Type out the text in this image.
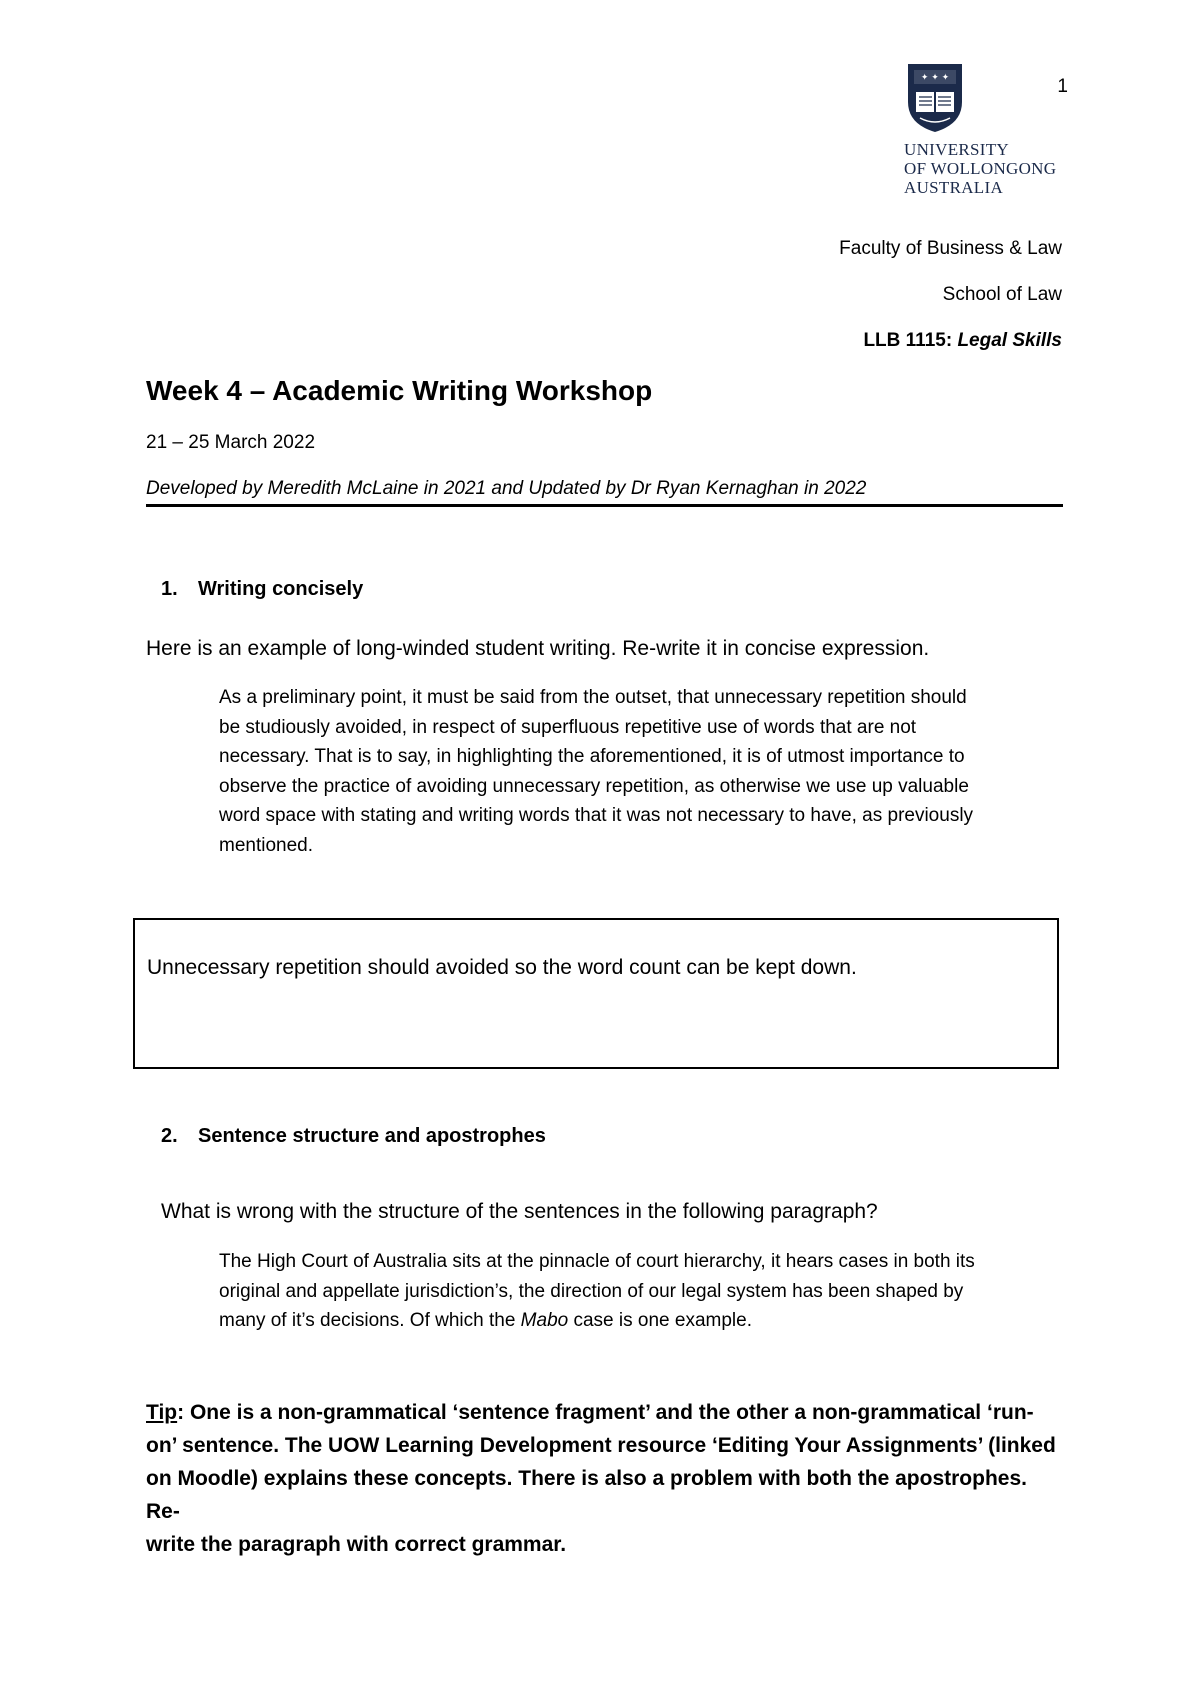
1
✦ ✦ ✦
UNIVERSITY
OF WOLLONGONG
AUSTRALIA
Faculty of Business & Law
School of Law
LLB 1115: Legal Skills
Week 4 – Academic Writing Workshop
21 – 25 March 2022
Developed by Meredith McLaine in 2021 and Updated by Dr Ryan Kernaghan in 2022
1. Writing concisely
Here is an example of long-winded student writing. Re-write it in concise expression.

As a preliminary point, it must be said from the outset, that unnecessary repetition should
be studiously avoided, in respect of superfluous repetitive use of words that are not
necessary. That is to say, in highlighting the aforementioned, it is of utmost importance to
observe the practice of avoiding unnecessary repetition, as otherwise we use up valuable
word space with stating and writing words that it was not necessary to have, as previously
mentioned.

Unnecessary repetition should avoided so the word count can be kept down.
2. Sentence structure and apostrophes
What is wrong with the structure of the sentences in the following paragraph?

The High Court of Australia sits at the pinnacle of court hierarchy, it hears cases in both its
original and appellate jurisdiction’s, the direction of our legal system has been shaped by
many of it’s decisions. Of which the Mabo case is one example.

Tip: One is a non-grammatical ‘sentence fragment’ and the other a non-grammatical ‘run-
on’ sentence. The UOW Learning Development resource ‘Editing Your Assignments’ (linked
on Moodle) explains these concepts. There is also a problem with both the apostrophes. Re-
write the paragraph with correct grammar.
